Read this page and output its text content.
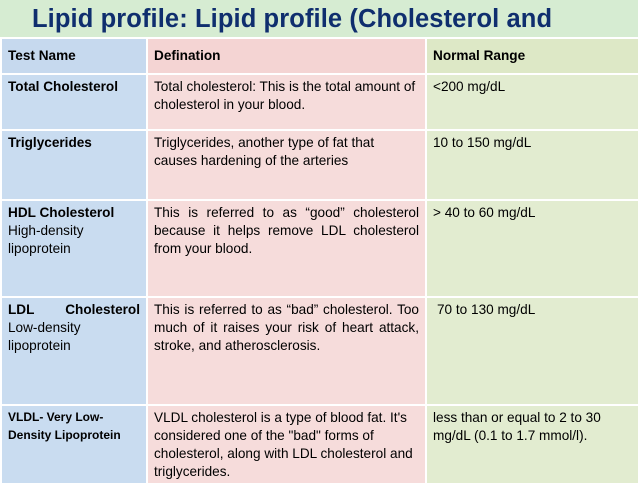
Lipid profile: Lipid profile (Cholesterol and
Test Name	Defination	Normal Range
Total Cholesterol	Total cholesterol: This is the total amount of cholesterol in your blood.	<200 mg/dL
Triglycerides	Triglycerides, another type of fat that causes hardening of the arteries	10 to 150 mg/dL
HDL Cholesterol High-density lipoprotein	This is referred to as “good” cholesterol because it helps remove LDL cholesterol from your blood.	> 40 to 60 mg/dL
LDL Cholesterol Low-density lipoprotein	This is referred to as “bad” cholesterol. Too much of it raises your risk of heart attack, stroke, and atherosclerosis.	70 to 130 mg/dL
VLDL- Very Low-Density Lipoprotein	VLDL cholesterol is a type of blood fat. It's considered one of the "bad" forms of cholesterol, along with LDL cholesterol and triglycerides.	less than or equal to 2 to 30 mg/dL (0.1 to 1.7 mmol/l).
